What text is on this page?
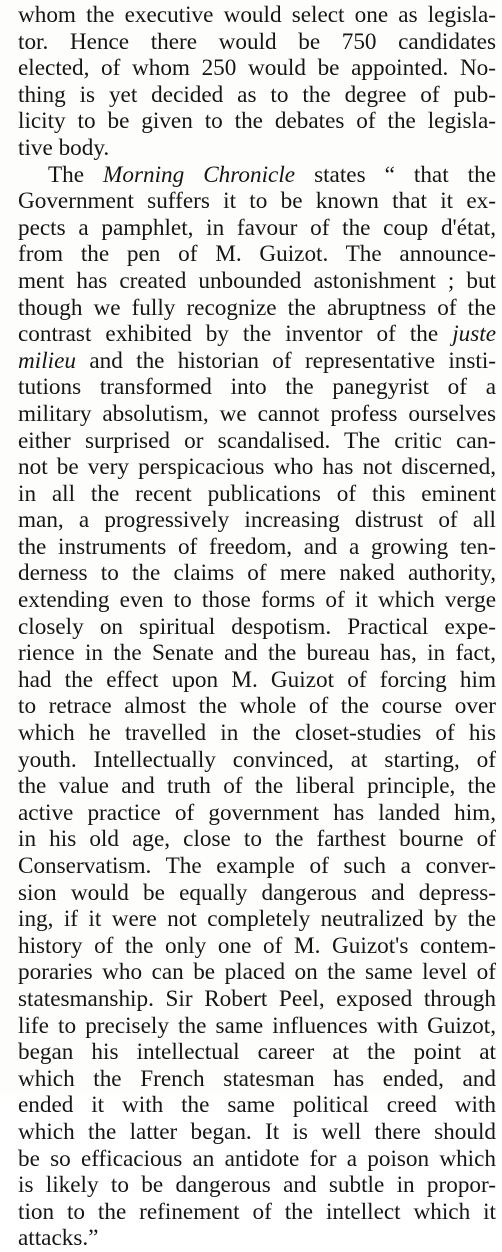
whom the executive would select one as legisla-
tor. Hence there would be 750 candidates
elected, of whom 250 would be appointed. No-
thing is yet decided as to the degree of pub-
licity to be given to the debates of the legisla-
tive body.
The Morning Chronicle states “ that the
Government suffers it to be known that it ex-
pects a pamphlet, in favour of the coup d'état,
from the pen of M. Guizot. The announce-
ment has created unbounded astonishment ; but
though we fully recognize the abruptness of the
contrast exhibited by the inventor of the juste
milieu and the historian of representative insti-
tutions transformed into the panegyrist of a
military absolutism, we cannot profess ourselves
either surprised or scandalised. The critic can-
not be very perspicacious who has not discerned,
in all the recent publications of this eminent
man, a progressively increasing distrust of all
the instruments of freedom, and a growing ten-
derness to the claims of mere naked authority,
extending even to those forms of it which verge
closely on spiritual despotism. Practical expe-
rience in the Senate and the bureau has, in fact,
had the effect upon M. Guizot of forcing him
to retrace almost the whole of the course over
which he travelled in the closet-studies of his
youth. Intellectually convinced, at starting, of
the value and truth of the liberal principle, the
active practice of government has landed him,
in his old age, close to the farthest bourne of
Conservatism. The example of such a conver-
sion would be equally dangerous and depress-
ing, if it were not completely neutralized by the
history of the only one of M. Guizot's contem-
poraries who can be placed on the same level of
statesmanship. Sir Robert Peel, exposed through
life to precisely the same influences with Guizot,
began his intellectual career at the point at
which the French statesman has ended, and
ended it with the same political creed with
which the latter began. It is well there should
be so efficacious an antidote for a poison which
is likely to be dangerous and subtle in propor-
tion to the refinement of the intellect which it
attacks.”
